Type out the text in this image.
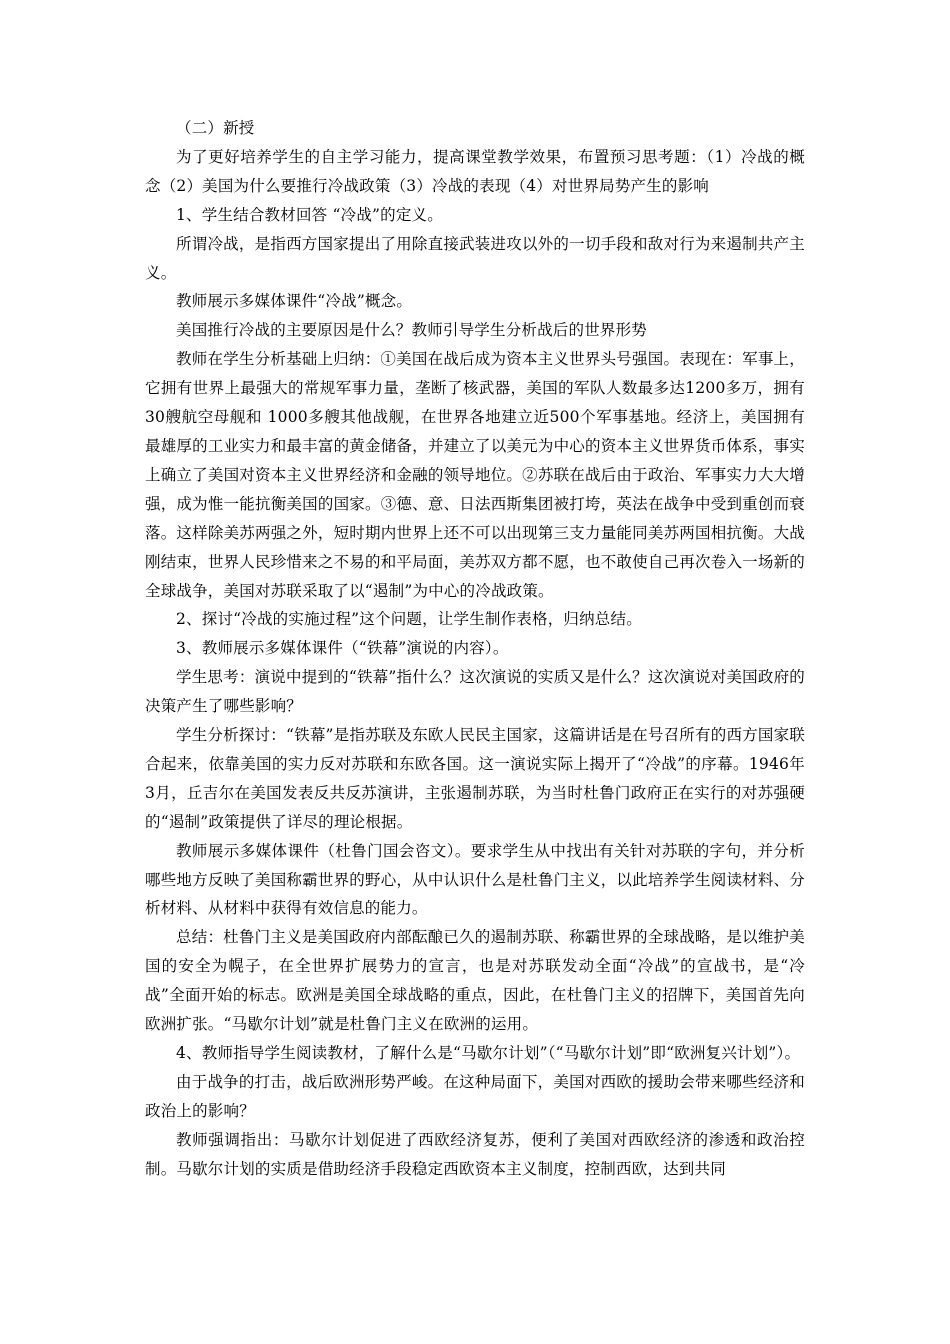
（二）新授

为了更好培养学生的自主学习能力，提高课堂教学效果，布置预习思考题：（1）冷战的概念（2）美国为什么要推行冷战政策（3）冷战的表现（4）对世界局势产生的影响

1、学生结合教材回答 “冷战”的定义。

所谓冷战，是指西方国家提出了用除直接武装进攻以外的一切手段和敌对行为来遏制共产主义。

教师展示多媒体课件“冷战”概念。

美国推行冷战的主要原因是什么？教师引导学生分析战后的世界形势

教师在学生分析基础上归纳：①美国在战后成为资本主义世界头号强国。表现在：军事上，它拥有世界上最强大的常规军事力量，垄断了核武器，美国的军队人数最多达1200多万，拥有30艘航空母舰和 1000多艘其他战舰，在世界各地建立近500个军事基地。经济上，美国拥有最雄厚的工业实力和最丰富的黄金储备，并建立了以美元为中心的资本主义世界货币体系，事实上确立了美国对资本主义世界经济和金融的领导地位。②苏联在战后由于政治、军事实力大大增强，成为惟一能抗衡美国的国家。③德、意、日法西斯集团被打垮，英法在战争中受到重创而衰落。这样除美苏两强之外，短时期内世界上还不可以出现第三支力量能同美苏两国相抗衡。大战刚结束，世界人民珍惜来之不易的和平局面，美苏双方都不愿，也不敢使自己再次卷入一场新的全球战争，美国对苏联采取了以“遏制”为中心的冷战政策。

2、探讨“冷战的实施过程”这个问题，让学生制作表格，归纳总结。

3、教师展示多媒体课件（“铁幕”演说的内容）。

学生思考：演说中提到的“铁幕”指什么？这次演说的实质又是什么？这次演说对美国政府的决策产生了哪些影响？

学生分析探讨：“铁幕”是指苏联及东欧人民民主国家，这篇讲话是在号召所有的西方国家联合起来，依靠美国的实力反对苏联和东欧各国。这一演说实际上揭开了“冷战”的序幕。1946年3月，丘吉尔在美国发表反共反苏演讲，主张遏制苏联，为当时杜鲁门政府正在实行的对苏强硬的“遏制”政策提供了详尽的理论根据。

教师展示多媒体课件（杜鲁门国会咨文）。要求学生从中找出有关针对苏联的字句，并分析哪些地方反映了美国称霸世界的野心，从中认识什么是杜鲁门主义，以此培养学生阅读材料、分析材料、从材料中获得有效信息的能力。

总结：杜鲁门主义是美国政府内部酝酿已久的遏制苏联、称霸世界的全球战略，是以维护美国的安全为幌子，在全世界扩展势力的宣言，也是对苏联发动全面“冷战”的宣战书，是“冷战”全面开始的标志。欧洲是美国全球战略的重点，因此，在杜鲁门主义的招牌下，美国首先向欧洲扩张。“马歇尔计划”就是杜鲁门主义在欧洲的运用。

4、教师指导学生阅读教材，了解什么是“马歇尔计划”（“马歇尔计划”即“欧洲复兴计划”）。

由于战争的打击，战后欧洲形势严峻。在这种局面下，美国对西欧的援助会带来哪些经济和政治上的影响？

教师强调指出：马歇尔计划促进了西欧经济复苏，便利了美国对西欧经济的渗透和政治控制。马歇尔计划的实质是借助经济手段稳定西欧资本主义制度，控制西欧，达到共同
